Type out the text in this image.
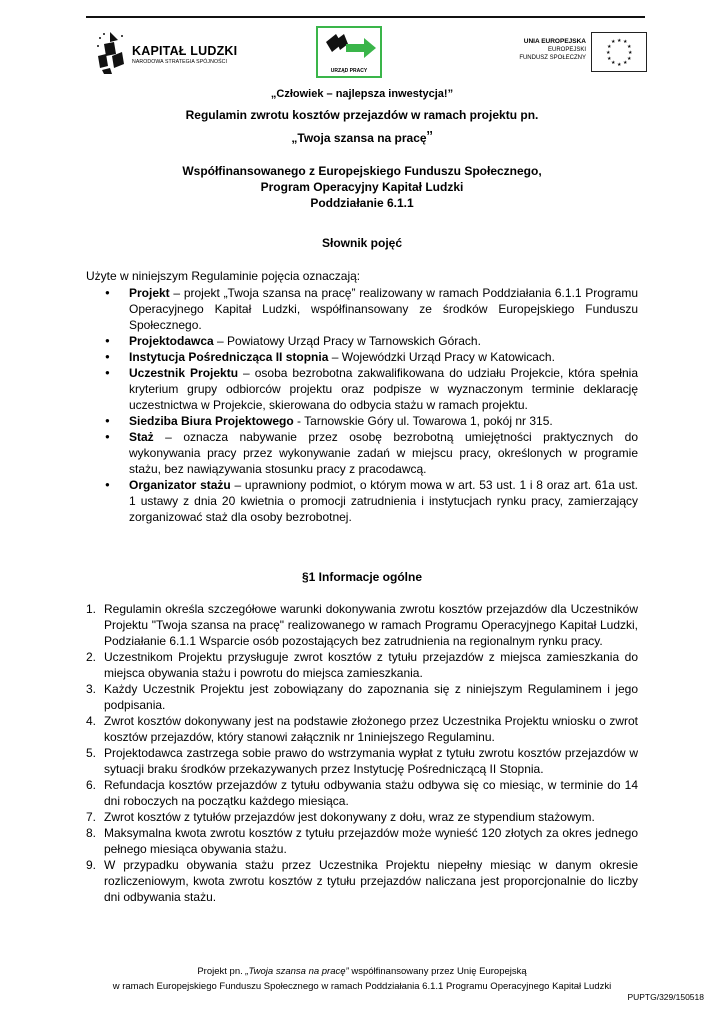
KAPITAŁ LUDZKI
NARODOWA STRATEGIA SPÓJNOŚCI
URZĄD PRACY
UNIA EUROPEJSKA
EUROPEJSKI
FUNDUSZ SPOŁECZNY
★ ★
★
★
★
★
★
★
★
★
★
★
„Człowiek – najlepsza inwestycja!”
Regulamin zwrotu kosztów przejazdów w ramach projektu pn.
„Twoja szansa na pracę”
Współfinansowanego z Europejskiego Funduszu Społecznego,
Program Operacyjny Kapitał Ludzki
Poddziałanie 6.1.1
Słownik pojęć
Użyte w niniejszym Regulaminie pojęcia oznaczają:
● Projekt – projekt „Twoja szansa na pracę” realizowany w ramach Poddziałania 6.1.1 Programu Operacyjnego Kapitał Ludzki, współfinansowany ze środków Europejskiego Funduszu Społecznego.
● Projektodawca – Powiatowy Urząd Pracy w Tarnowskich Górach.
● Instytucja Pośrednicząca II stopnia – Wojewódzki Urząd Pracy w Katowicach.
● Uczestnik Projektu – osoba bezrobotna zakwalifikowana do udziału Projekcie, która spełnia kryterium grupy odbiorców projektu oraz podpisze w wyznaczonym terminie deklarację uczestnictwa w Projekcie, skierowana do odbycia stażu w ramach projektu.
● Siedziba Biura Projektowego - Tarnowskie Góry ul. Towarowa 1, pokój nr 315.
● Staż – oznacza nabywanie przez osobę bezrobotną umiejętności praktycznych do wykonywania pracy przez wykonywanie zadań w miejscu pracy, określonych w programie stażu, bez nawiązywania stosunku pracy z pracodawcą.
● Organizator stażu – uprawniony podmiot, o którym mowa w art. 53 ust. 1 i 8 oraz art. 61a ust. 1 ustawy z dnia 20 kwietnia o promocji zatrudnienia i instytucjach rynku pracy, zamierzający zorganizować staż dla osoby bezrobotnej.
§1 Informacje ogólne
1. Regulamin określa szczegółowe warunki dokonywania zwrotu kosztów przejazdów dla Uczestników Projektu "Twoja szansa na pracę" realizowanego w ramach Programu Operacyjnego Kapitał Ludzki, Podziałanie 6.1.1 Wsparcie osób pozostających bez zatrudnienia na regionalnym rynku pracy.
2. Uczestnikom Projektu przysługuje zwrot kosztów z tytułu przejazdów z miejsca zamieszkania do miejsca obywania stażu i powrotu do miejsca zamieszkania.
3. Każdy Uczestnik Projektu jest zobowiązany do zapoznania się z niniejszym Regulaminem i jego podpisania.
4. Zwrot kosztów dokonywany jest na podstawie złożonego przez Uczestnika Projektu wniosku o zwrot kosztów przejazdów, który stanowi załącznik nr 1niniejszego Regulaminu.
5. Projektodawca zastrzega sobie prawo do wstrzymania wypłat z tytułu zwrotu kosztów przejazdów w sytuacji braku środków przekazywanych przez Instytucję Pośredniczącą II Stopnia.
6. Refundacja kosztów przejazdów z tytułu odbywania stażu odbywa się co miesiąc, w terminie do 14 dni roboczych na początku każdego miesiąca.
7. Zwrot kosztów z tytułów przejazdów jest dokonywany z dołu, wraz ze stypendium stażowym.
8. Maksymalna kwota zwrotu kosztów z tytułu przejazdów może wynieść 120 złotych za okres jednego pełnego miesiąca obywania stażu.
9. W przypadku obywania stażu przez Uczestnika Projektu niepełny miesiąc w danym okresie rozliczeniowym, kwota zwrotu kosztów z tytułu przejazdów naliczana jest proporcjonalnie do liczby dni odbywania stażu.
Projekt pn. „Twoja szansa na pracę” współfinansowany przez Unię Europejską
w ramach Europejskiego Funduszu Społecznego w ramach Poddziałania 6.1.1 Programu Operacyjnego Kapitał Ludzki
PUPTG/329/150518
